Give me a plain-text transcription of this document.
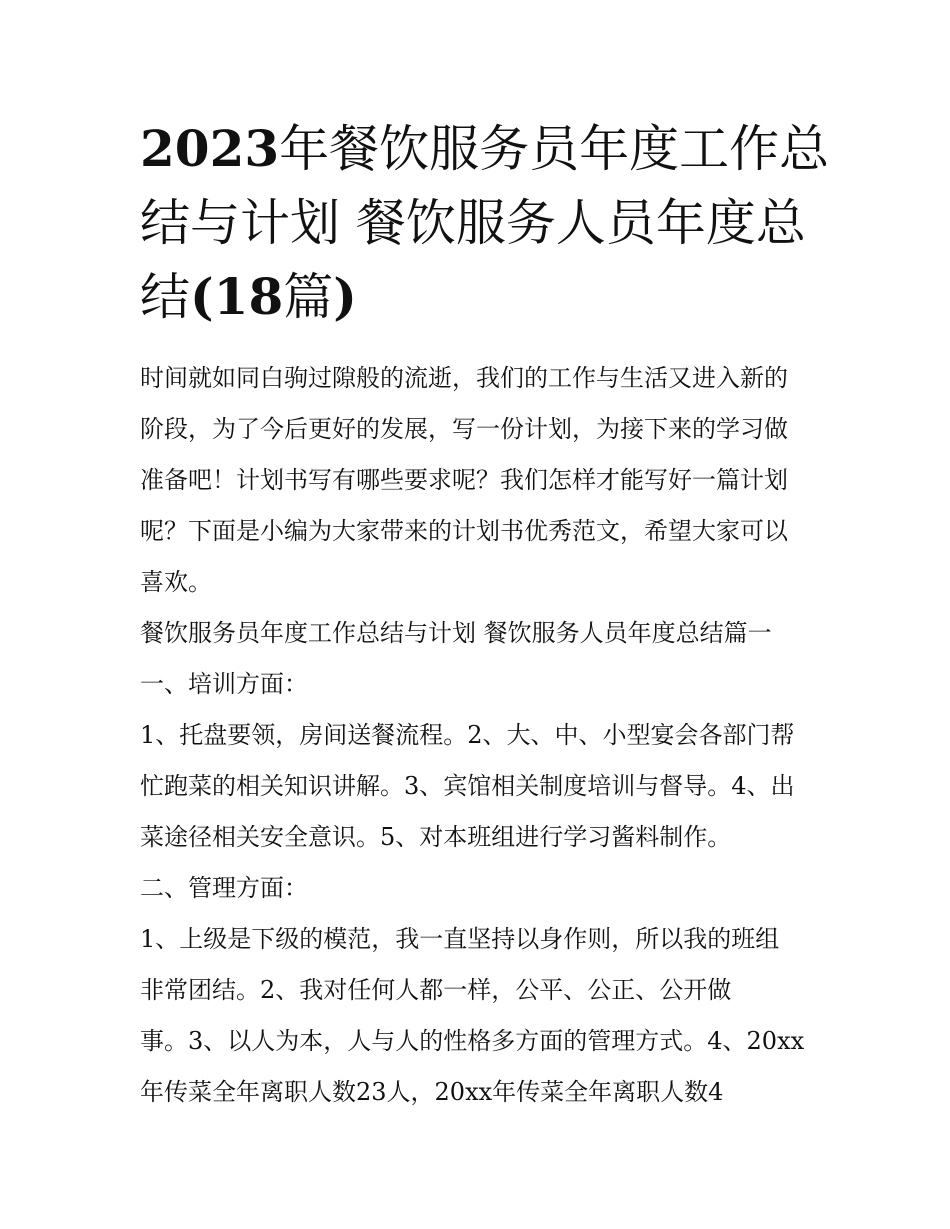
2023年餐饮服务员年度工作总
结与计划 餐饮服务人员年度总
结(18篇)
时间就如同白驹过隙般的流逝，我们的工作与生活又进入新的
阶段，为了今后更好的发展，写一份计划，为接下来的学习做
准备吧！计划书写有哪些要求呢？我们怎样才能写好一篇计划
呢？下面是小编为大家带来的计划书优秀范文，希望大家可以
喜欢。
餐饮服务员年度工作总结与计划 餐饮服务人员年度总结篇一
一、培训方面：
1、托盘要领，房间送餐流程。2、大、中、小型宴会各部门帮
忙跑菜的相关知识讲解。3、宾馆相关制度培训与督导。4、出
菜途径相关安全意识。5、对本班组进行学习酱料制作。
二、管理方面：
1、上级是下级的模范，我一直坚持以身作则，所以我的班组
非常团结。2、我对任何人都一样，公平、公正、公开做
事。3、以人为本，人与人的性格多方面的管理方式。4、20xx
年传菜全年离职人数23人，20xx年传菜全年离职人数4
